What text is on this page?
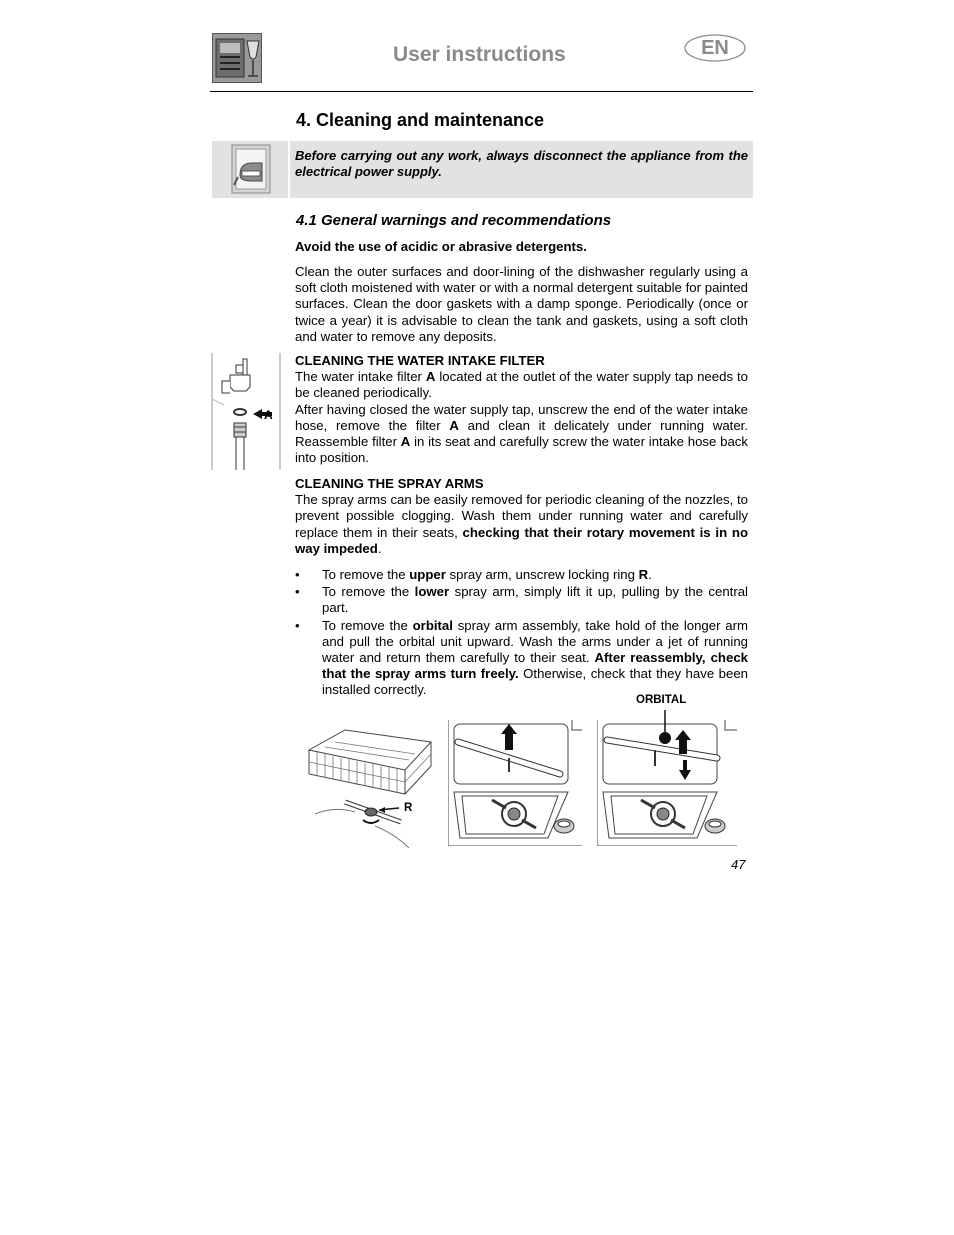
User instructions	EN
4. Cleaning and maintenance
Before carrying out any work, always disconnect the appliance from the electrical power supply.
4.1 General warnings and recommendations

Avoid the use of acidic or abrasive detergents.

Clean the outer surfaces and door-lining of the dishwasher regularly using a soft cloth moistened with water or with a normal detergent suitable for painted surfaces. Clean the door gaskets with a damp sponge. Periodically (once or twice a year) it is advisable to clean the tank and gaskets, using a soft cloth and water to remove any deposits.
A

CLEANING THE WATER INTAKE FILTER

The water intake filter A located at the outlet of the water supply tap needs to be cleaned periodically.

After having closed the water supply tap, unscrew the end of the water intake hose, remove the filter A and clean it delicately under running water. Reassemble filter A in its seat and carefully screw the water intake hose back into position.

CLEANING THE SPRAY ARMS

The spray arms can be easily removed for periodic cleaning of the nozzles, to prevent possible clogging. Wash them under running water and carefully replace them in their seats, checking that their rotary movement is in no way impeded.

• To remove the upper spray arm, unscrew locking ring R.
• To remove the lower spray arm, simply lift it up, pulling by the central part.
• To remove the orbital spray arm assembly, take hold of the longer arm and pull the orbital unit upward. Wash the arms under a jet of running water and return them carefully to their seat. After reassembly, check that the spray arms turn freely. Otherwise, check that they have been installed correctly.
R
ORBITAL
47
